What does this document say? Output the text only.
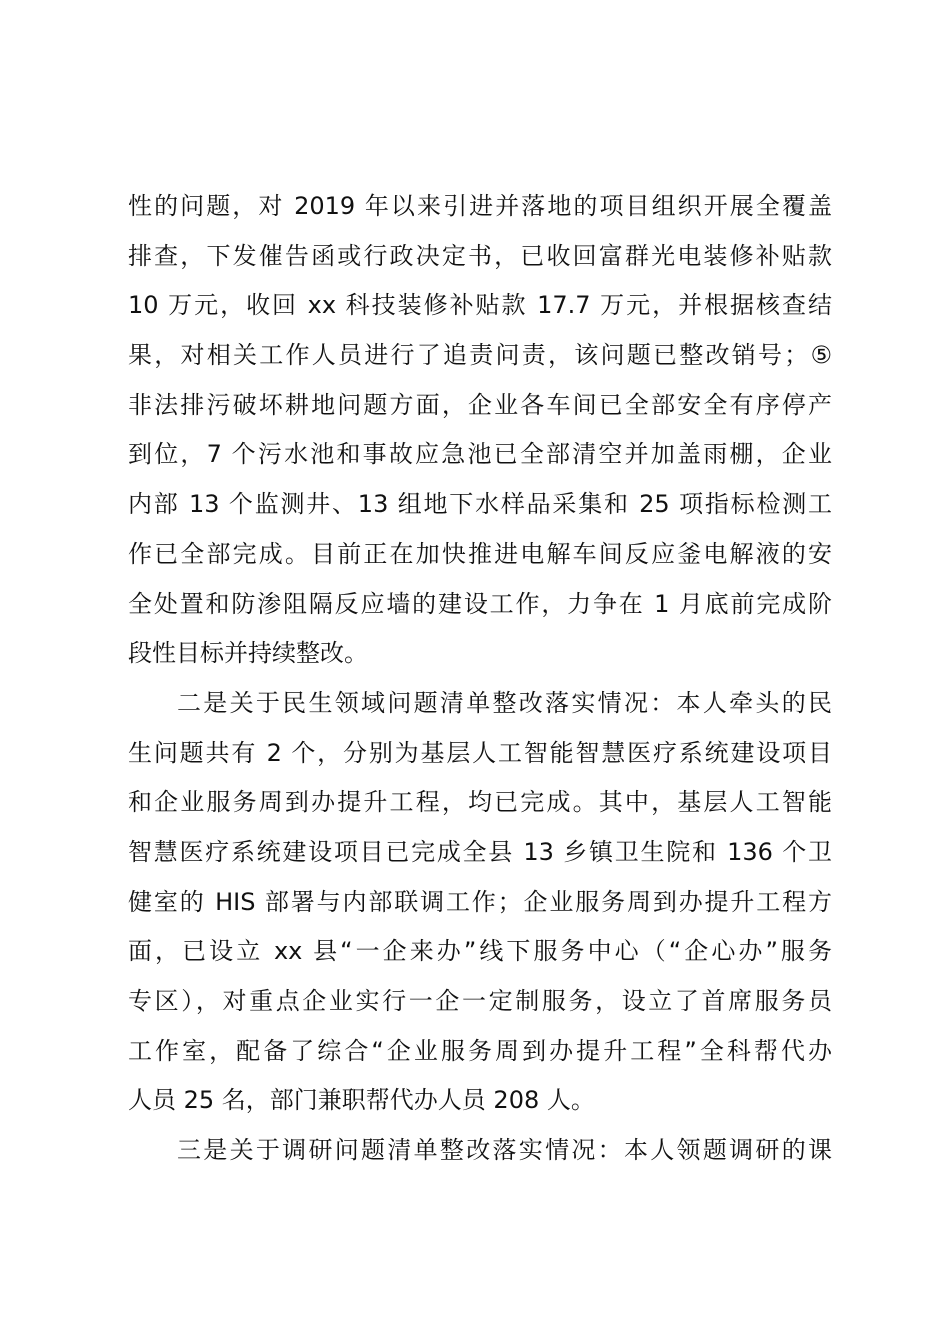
性的问题，对 2019 年以来引进并落地的项目组织开展全覆盖
排查，下发催告函或行政决定书，已收回富群光电装修补贴款
10 万元，收回 xx 科技装修补贴款 17.7 万元，并根据核查结
果，对相关工作人员进行了追责问责，该问题已整改销号；⑤
非法排污破坏耕地问题方面，企业各车间已全部安全有序停产
到位，7 个污水池和事故应急池已全部清空并加盖雨棚，企业
内部 13 个监测井、13 组地下水样品采集和 25 项指标检测工
作已全部完成。目前正在加快推进电解车间反应釜电解液的安
全处置和防渗阻隔反应墙的建设工作，力争在 1 月底前完成阶
段性目标并持续整改。
二是关于民生领域问题清单整改落实情况：本人牵头的民
生问题共有 2 个，分别为基层人工智能智慧医疗系统建设项目
和企业服务周到办提升工程，均已完成。其中，基层人工智能
智慧医疗系统建设项目已完成全县 13 乡镇卫生院和 136 个卫
健室的 HIS 部署与内部联调工作；企业服务周到办提升工程方
面，已设立 xx 县“一企来办”线下服务中心（“企心办”服务
专区），对重点企业实行一企一定制服务，设立了首席服务员
工作室，配备了综合“企业服务周到办提升工程”全科帮代办
人员 25 名，部门兼职帮代办人员 208 人。
三是关于调研问题清单整改落实情况：本人领题调研的课
